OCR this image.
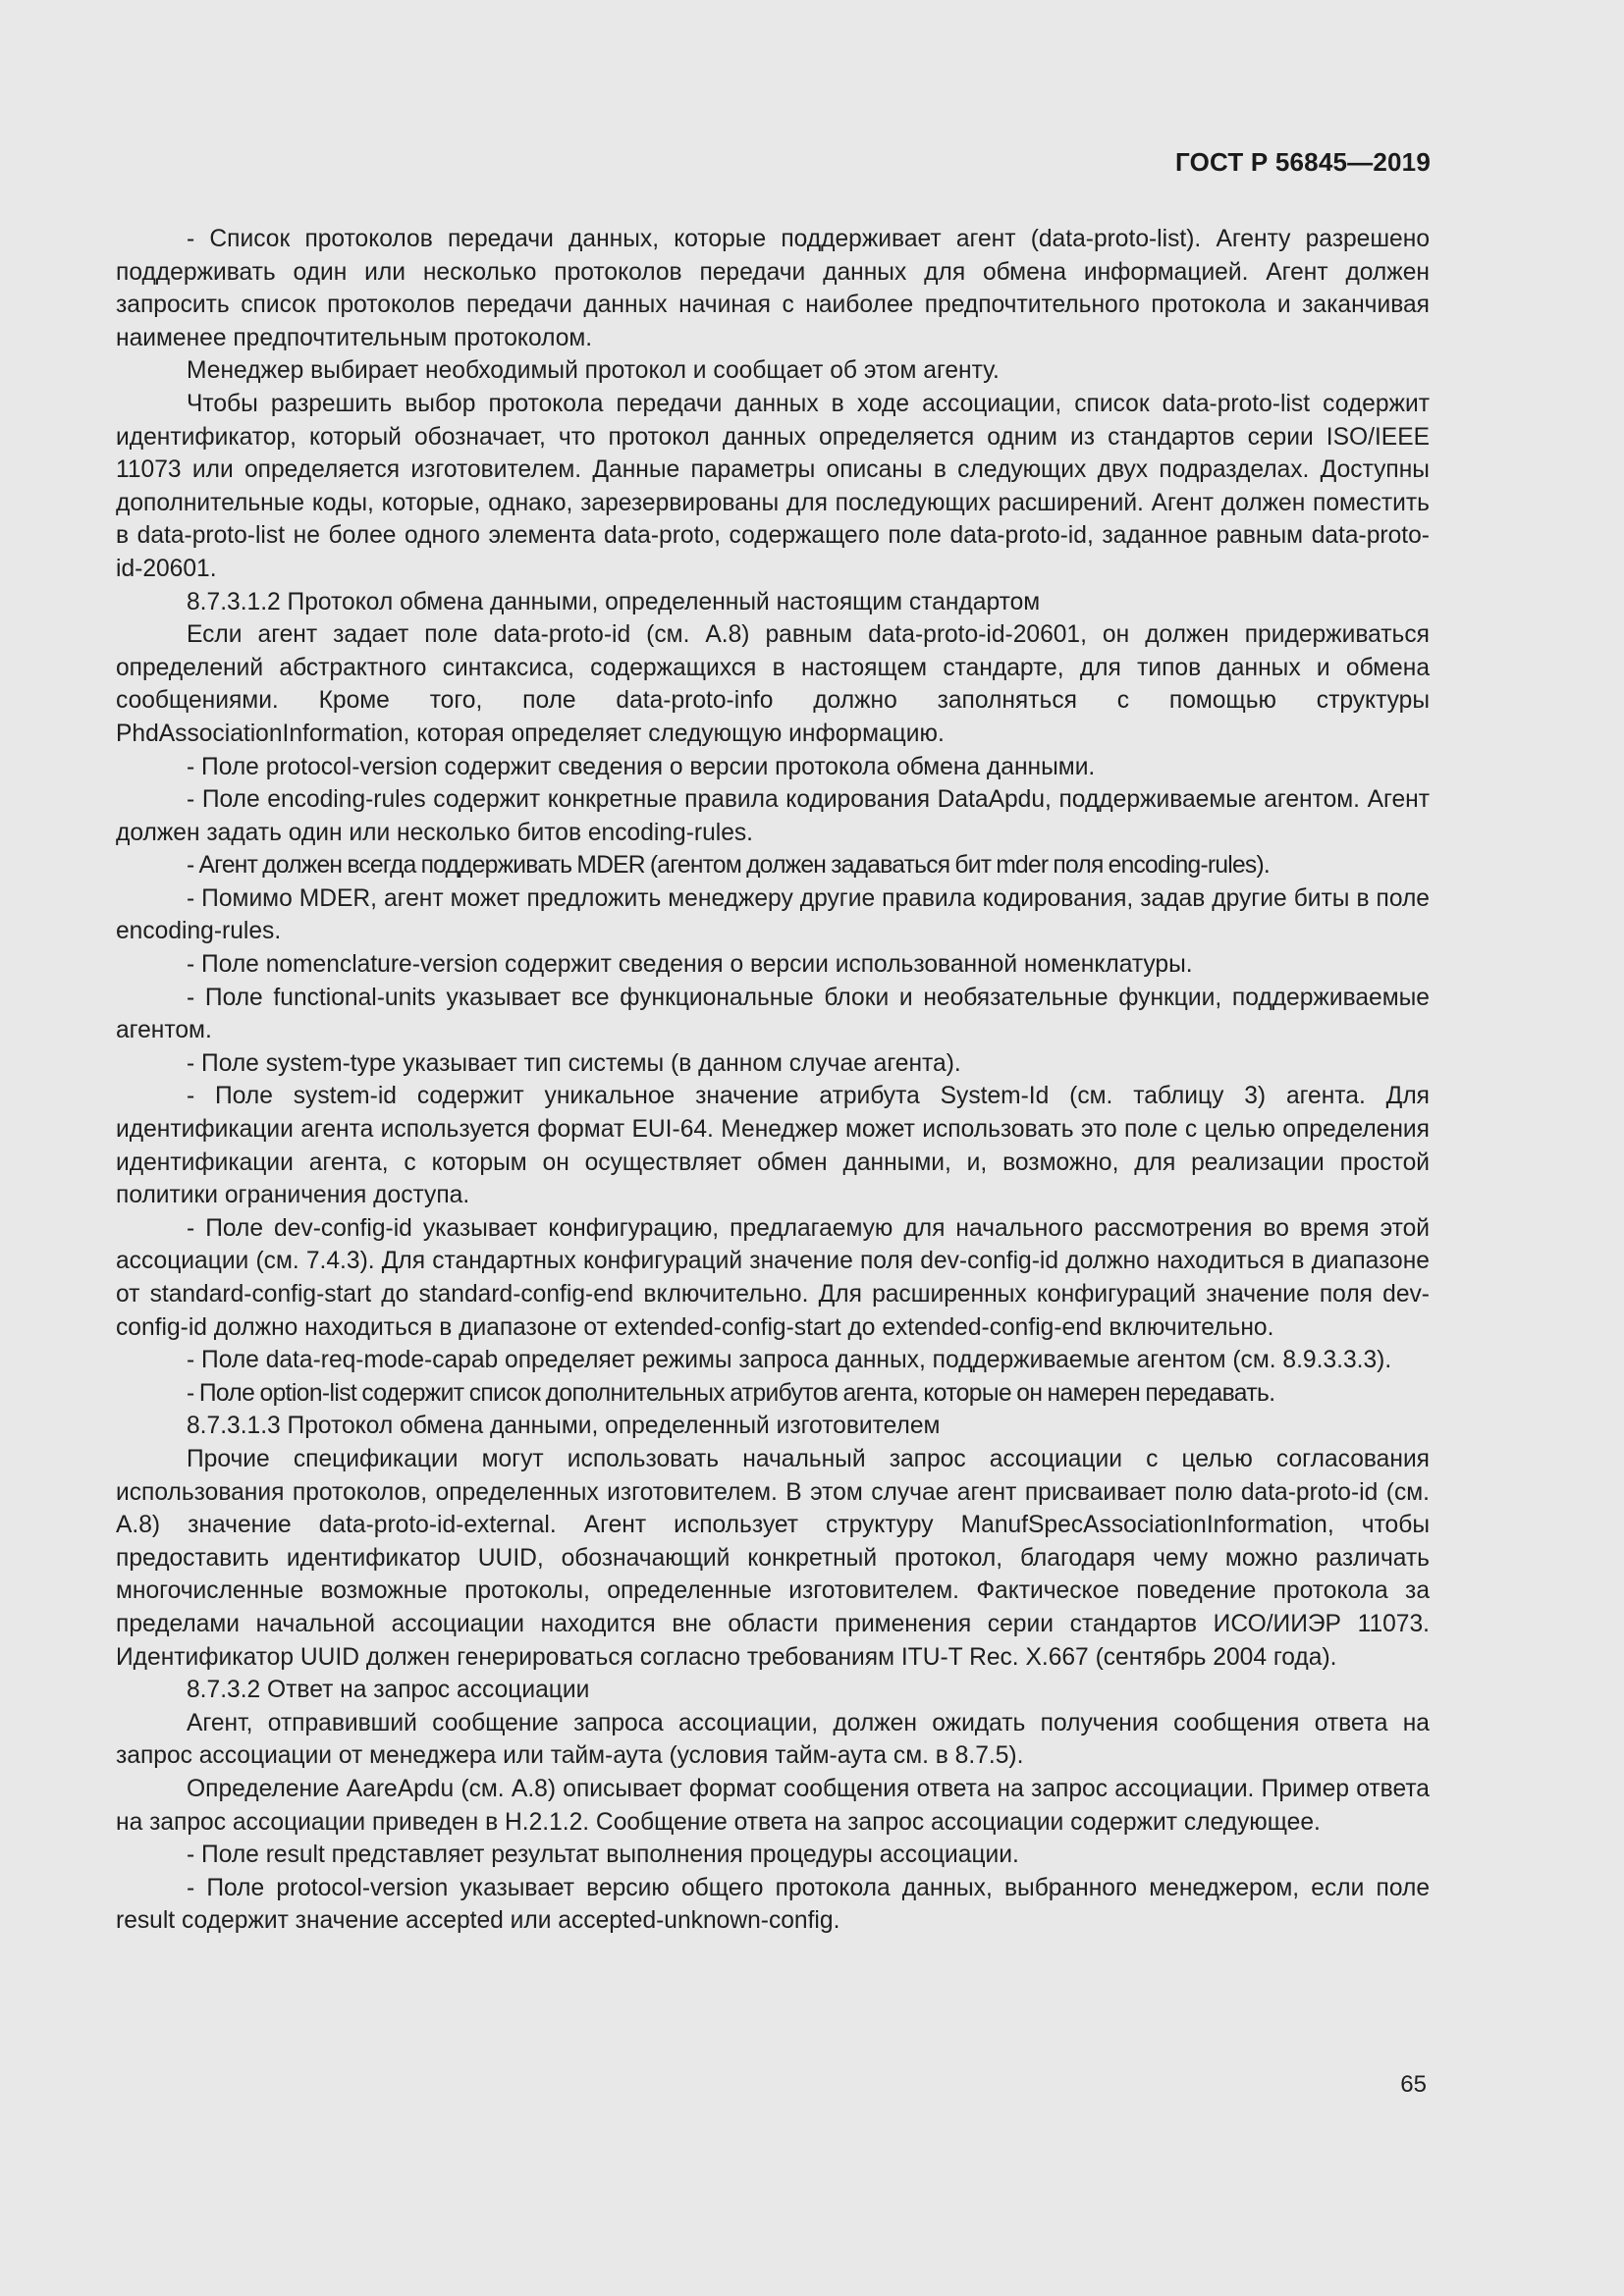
ГОСТ Р 56845—2019

- Список протоколов передачи данных, которые поддерживает агент (data-proto-list). Агенту разрешено поддерживать один или несколько протоколов передачи данных для обмена информацией. Агент должен запросить список протоколов передачи данных начиная с наиболее предпочтительного протокола и заканчивая наименее предпочтительным протоколом.

Менеджер выбирает необходимый протокол и сообщает об этом агенту.

Чтобы разрешить выбор протокола передачи данных в ходе ассоциации, список data-proto-list содержит идентификатор, который обозначает, что протокол данных определяется одним из стандартов серии ISO/IEEE 11073 или определяется изготовителем. Данные параметры описаны в следующих двух подразделах. Доступны дополнительные коды, которые, однако, зарезервированы для последующих расширений. Агент должен поместить в data-proto-list не более одного элемента data-proto, содержащего поле data-proto-id, заданное равным data-proto-id-20601.

8.7.3.1.2 Протокол обмена данными, определенный настоящим стандартом

Если агент задает поле data-proto-id (см. А.8) равным data-proto-id-20601, он должен придерживаться определений абстрактного синтаксиса, содержащихся в настоящем стандарте, для типов данных и обмена сообщениями. Кроме того, поле data-proto-info должно заполняться с помощью структуры PhdAssociationInformation, которая определяет следующую информацию.

- Поле protocol-version содержит сведения о версии протокола обмена данными.

- Поле encoding-rules содержит конкретные правила кодирования DataApdu, поддерживаемые агентом. Агент должен задать один или несколько битов encoding-rules.

- Агент должен всегда поддерживать MDER (агентом должен задаваться бит mder поля encoding-rules).

- Помимо MDER, агент может предложить менеджеру другие правила кодирования, задав другие биты в поле encoding-rules.

- Поле nomenclature-version содержит сведения о версии использованной номенклатуры.

- Поле functional-units указывает все функциональные блоки и необязательные функции, поддерживаемые агентом.

- Поле system-type указывает тип системы (в данном случае агента).

- Поле system-id содержит уникальное значение атрибута System-Id (см. таблицу 3) агента. Для идентификации агента используется формат EUI-64. Менеджер может использовать это поле с целью определения идентификации агента, с которым он осуществляет обмен данными, и, возможно, для реализации простой политики ограничения доступа.

- Поле dev-config-id указывает конфигурацию, предлагаемую для начального рассмотрения во время этой ассоциации (см. 7.4.3). Для стандартных конфигураций значение поля dev-config-id должно находиться в диапазоне от standard-config-start до standard-config-end включительно. Для расширенных конфигураций значение поля dev-config-id должно находиться в диапазоне от extended-config-start до extended-config-end включительно.

- Поле data-req-mode-capab определяет режимы запроса данных, поддерживаемые агентом (см. 8.9.3.3.3).

- Поле option-list содержит список дополнительных атрибутов агента, которые он намерен передавать.

8.7.3.1.3 Протокол обмена данными, определенный изготовителем

Прочие спецификации могут использовать начальный запрос ассоциации с целью согласования использования протоколов, определенных изготовителем. В этом случае агент присваивает полю data-proto-id (см. А.8) значение data-proto-id-external. Агент использует структуру ManufSpecAssociationInformation, чтобы предоставить идентификатор UUID, обозначающий конкретный протокол, благодаря чему можно различать многочисленные возможные протоколы, определенные изготовителем. Фактическое поведение протокола за пределами начальной ассоциации находится вне области применения серии стандартов ИСО/ИИЭР 11073. Идентификатор UUID должен генерироваться согласно требованиям ITU-T Rec. X.667 (сентябрь 2004 года).

8.7.3.2 Ответ на запрос ассоциации

Агент, отправивший сообщение запроса ассоциации, должен ожидать получения сообщения ответа на запрос ассоциации от менеджера или тайм-аута (условия тайм-аута см. в 8.7.5).

Определение AareApdu (см. А.8) описывает формат сообщения ответа на запрос ассоциации. Пример ответа на запрос ассоциации приведен в Н.2.1.2. Сообщение ответа на запрос ассоциации содержит следующее.

- Поле result представляет результат выполнения процедуры ассоциации.

- Поле protocol-version указывает версию общего протокола данных, выбранного менеджером, если поле result содержит значение accepted или accepted-unknown-config.

65
